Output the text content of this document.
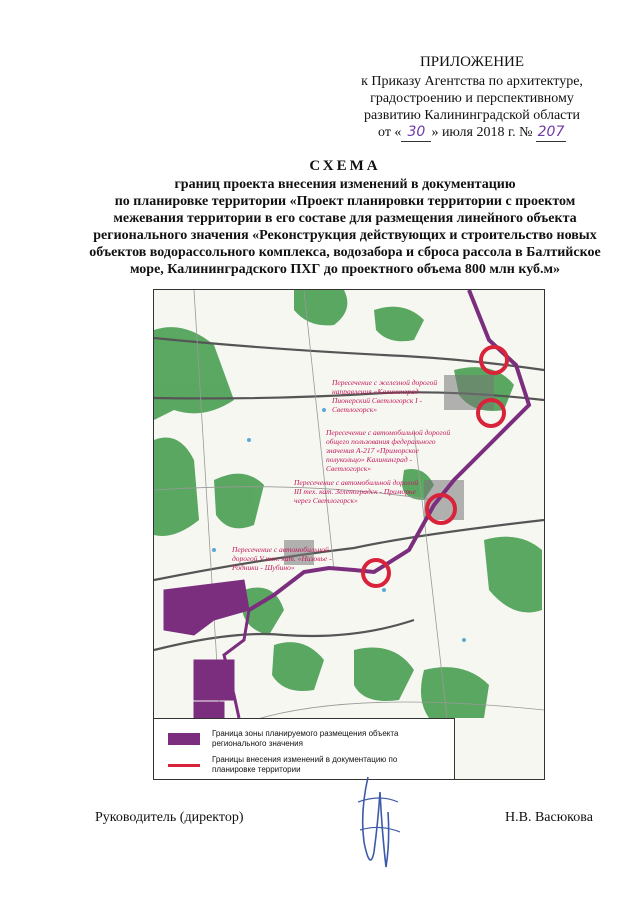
ПРИЛОЖЕНИЕ
к Приказу Агентства по архитектуре,
градостроению и перспективному
развитию Калининградской области
от « 30 » июля 2018 г. № 207
СХЕМА
границ проекта внесения изменений в документацию
по планировке территории «Проект планировки территории с проектом
межевания территории в его составе для размещения линейного объекта
регионального значения «Реконструкция действующих и строительство новых
объектов водорассольного комплекса, водозабора и сброса рассола в Балтийское
море, Калининградского ПХГ до проектного объема 800 млн куб.м»
Пересечение с железной дорогой направления «Калининград - Пионерский Светлогорск I - Светлогорск»
Пересечение с автомобильной дорогой общего пользования федерального значения А-217 «Приморское полукольцо» Калининград - Светлогорск»
Пересечение с автомобильной дорогой III тех. кат. Зеленоградск - Приморье через Светлогорск»
Пересечение с автомобильной дорогой V тех. кат. «Низовье - Родники - Шубино»
Граница зоны планируемого размещения объекта регионального значения
Границы внесения изменений в документацию по планировке территории
Руководитель (директор)	Н.В. Васюкова
